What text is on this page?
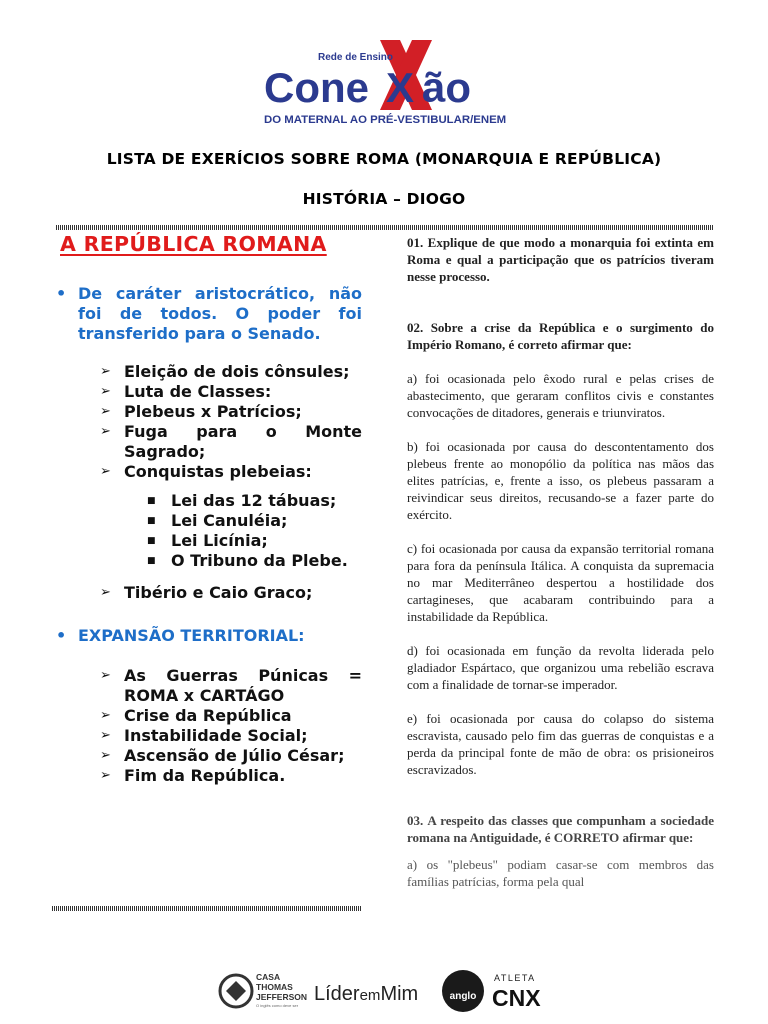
Rede de Ensino
Cone X ão
DO MATERNAL AO PRÉ-VESTIBULAR/ENEM
LISTA DE EXERÍCIOS SOBRE ROMA (MONARQUIA E REPÚBLICA)
HISTÓRIA – DIOGO
A REPÚBLICA ROMANA
• De caráter aristocrático, não foi de todos. O poder foi transferido para o Senado.
➢ Eleição de dois cônsules;
➢ Luta de Classes:
➢ Plebeus x Patrícios;
➢ Fuga para o Monte Sagrado;
➢ Conquistas plebeias:
■ Lei das 12 tábuas;
■ Lei Canuléia;
■ Lei Licínia;
■ O Tribuno da Plebe.
➢ Tibério e Caio Graco;
• EXPANSÃO TERRITORIAL:
➢ As Guerras Púnicas = ROMA x CARTÁGO
➢ Crise da República
➢ Instabilidade Social;
➢ Ascensão de Júlio César;
➢ Fim da República.

01. Explique de que modo a monarquia foi extinta em Roma e qual a participação que os patrícios tiveram nesse processo.

02. Sobre a crise da República e o surgimento do Império Romano, é correto afirmar que:

a) foi ocasionada pelo êxodo rural e pelas crises de abastecimento, que geraram conflitos civis e constantes convocações de ditadores, generais e triunviratos.

b) foi ocasionada por causa do descontentamento dos plebeus frente ao monopólio da política nas mãos das elites patrícias, e, frente a isso, os plebeus passaram a reivindicar seus direitos, recusando-se a fazer parte do exército.

c) foi ocasionada por causa da expansão territorial romana para fora da península Itálica. A conquista da supremacia no mar Mediterrâneo despertou a hostilidade dos cartagineses, que acabaram contribuindo para a instabilidade da República.

d) foi ocasionada em função da revolta liderada pelo gladiador Espártaco, que organizou uma rebelião escrava com a finalidade de tornar-se imperador.

e) foi ocasionada por causa do colapso do sistema escravista, causado pelo fim das guerras de conquistas e a perda da principal fonte de mão de obra: os prisioneiros escravizados.

03. A respeito das classes que compunham a sociedade romana na Antiguidade, é CORRETO afirmar que:

a) os "plebeus" podiam casar-se com membros das famílias patrícias, forma pela qual

CASA
THOMAS
JEFFERSON
O inglês como deve ser
LíderemMim	anglo
ATLETA
CNX
